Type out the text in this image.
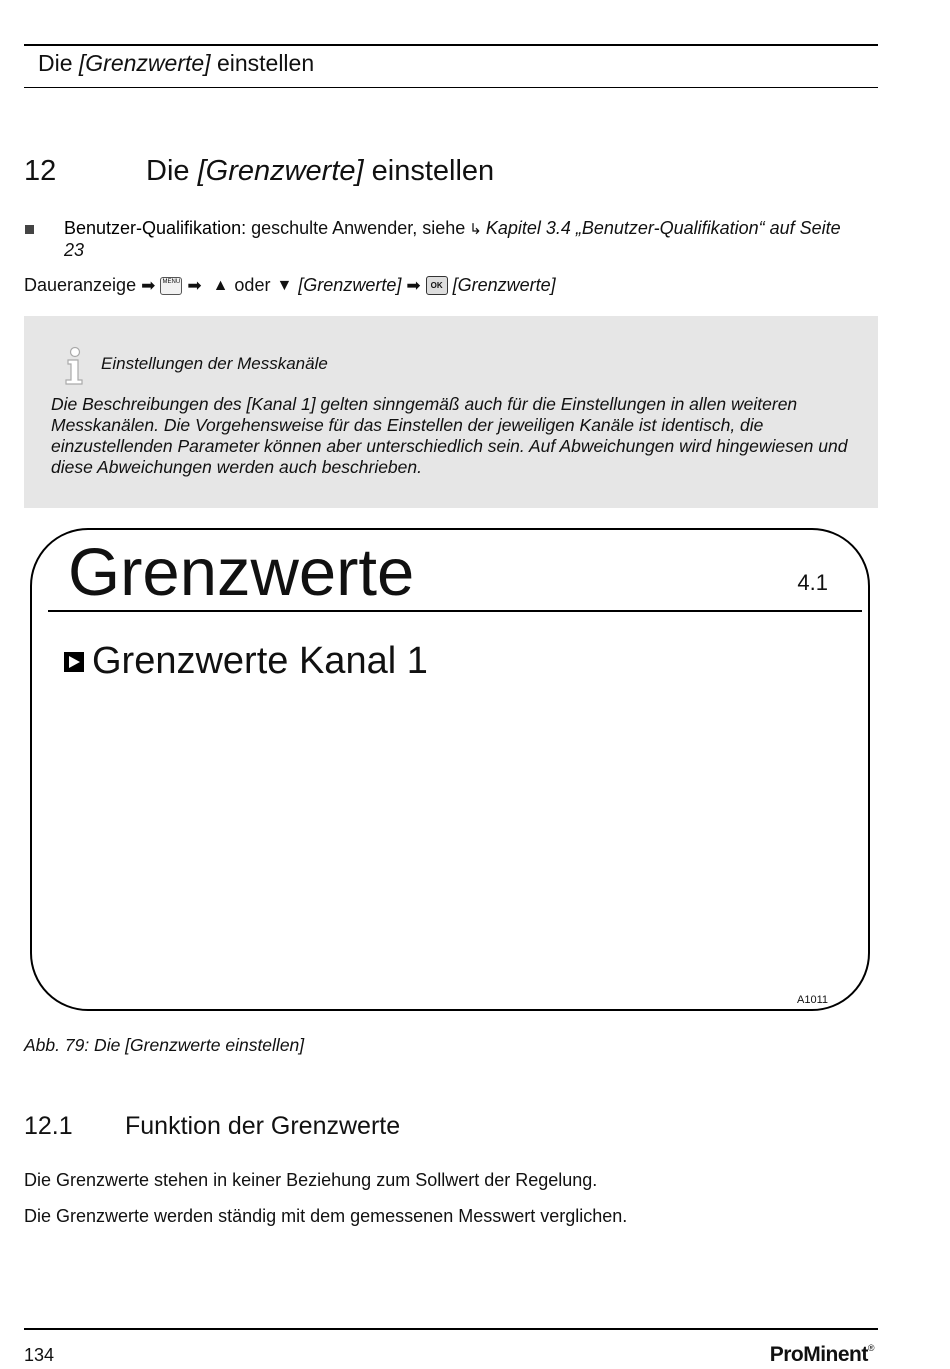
Die [Grenzwerte] einstellen
12	Die [Grenzwerte] einstellen
Benutzer-Qualifikation: geschulte Anwender, siehe ↳ Kapitel 3.4 „Benutzer-Qualifikation“ auf Seite 23
Daueranzeige ➡	MENU ➡ ▲ oder ▼ [Grenzwerte] ➡	OK [Grenzwerte]
Einstellungen der Messkanäle
Die Beschreibungen des [Kanal 1] gelten sinngemäß auch für die Einstellungen in allen weiteren Messkanälen. Die Vorgehensweise für das Einstellen der jeweiligen Kanäle ist identisch, die einzustellenden Parameter können aber unterschiedlich sein. Auf Abweichungen wird hingewiesen und diese Abweichungen werden auch beschrieben.
Grenzwerte	4.1
Grenzwerte Kanal 1
A1011
Abb. 79: Die [Grenzwerte einstellen]
12.1 Funktion der Grenzwerte
Die Grenzwerte stehen in keiner Beziehung zum Sollwert der Regelung.
Die Grenzwerte werden ständig mit dem gemessenen Messwert verglichen.
134	ProMinent®
